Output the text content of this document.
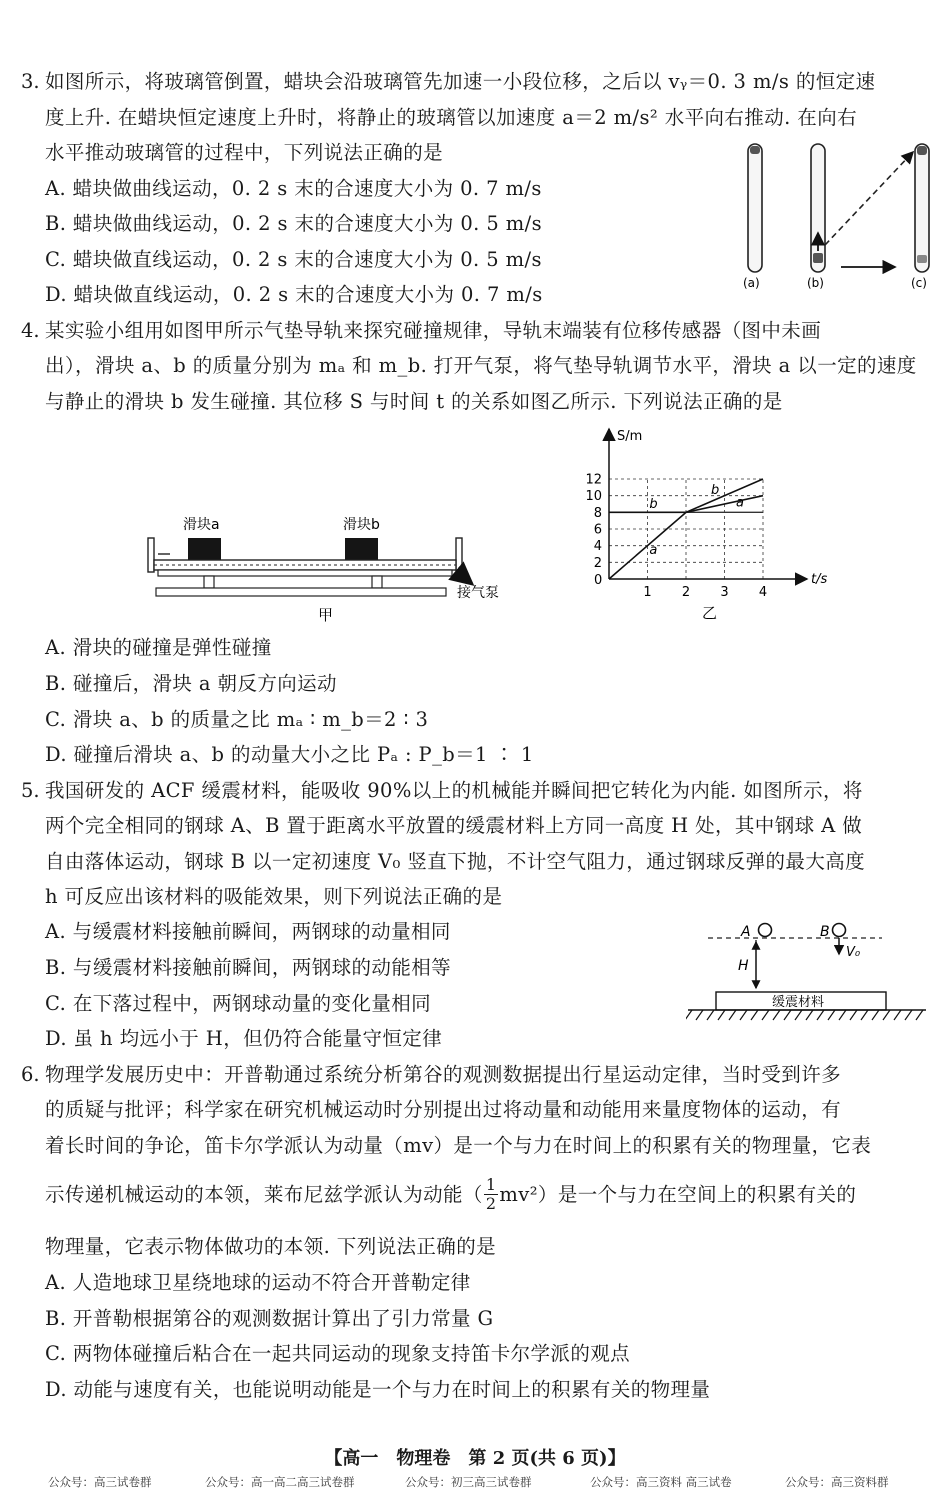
3. 如图所示，将玻璃管倒置，蜡块会沿玻璃管先加速一小段位移，之后以 vᵧ＝0. 3 m/s 的恒定速
度上升. 在蜡块恒定速度上升时，将静止的玻璃管以加速度 a＝2 m/s² 水平向右推动. 在向右
水平推动玻璃管的过程中，下列说法正确的是
A. 蜡块做曲线运动，0. 2 s 末的合速度大小为 0. 7 m/s
B. 蜡块做曲线运动，0. 2 s 末的合速度大小为 0. 5 m/s
C. 蜡块做直线运动，0. 2 s 末的合速度大小为 0. 5 m/s
D. 蜡块做直线运动，0. 2 s 末的合速度大小为 0. 7 m/s	(a)	(b)	(c)
4. 某实验小组用如图甲所示气垫导轨来探究碰撞规律，导轨末端装有位移传感器（图中未画
出），滑块 a、b 的质量分别为 mₐ 和 m_b. 打开气泵，将气垫导轨调节水平，滑块 a 以一定的速度
与静止的滑块 b 发生碰撞. 其位移 S 与时间 t 的关系如图乙所示. 下列说法正确的是
滑块a	滑块b
接气泵
甲
S/m
t/s
0
2
4
6
8
10
12
1 2 3 4
a
b	a
b
乙
A. 滑块的碰撞是弹性碰撞
B. 碰撞后，滑块 a 朝反方向运动
C. 滑块 a、b 的质量之比 mₐ ∶ m_b＝2 ∶ 3
D. 碰撞后滑块 a、b 的动量大小之比 Pₐ : P_b＝1 ∶ 1
5. 我国研发的 ACF 缓震材料，能吸收 90%以上的机械能并瞬间把它转化为内能. 如图所示，将
两个完全相同的钢球 A、B 置于距离水平放置的缓震材料上方同一高度 H 处，其中钢球 A 做
自由落体运动，钢球 B 以一定初速度 V₀ 竖直下抛，不计空气阻力，通过钢球反弹的最大高度
h 可反应出该材料的吸能效果，则下列说法正确的是
A. 与缓震材料接触前瞬间，两钢球的动量相同
B. 与缓震材料接触前瞬间，两钢球的动能相等
C. 在下落过程中，两钢球动量的变化量相同
D. 虽 h 均远小于 H，但仍符合能量守恒定律
A	B
V₀
H
缓震材料
6. 物理学发展历史中：开普勒通过系统分析第谷的观测数据提出行星运动定律，当时受到许多
的质疑与批评；科学家在研究机械运动时分别提出过将动量和动能用来量度物体的运动，有
着长时间的争论，笛卡尔学派认为动量（mv）是一个与力在时间上的积累有关的物理量，它表
示传递机械运动的本领，莱布尼兹学派认为动能（ $\frac{1}{2} mv^2$）是一个与力在空间上的积累有关的
物理量，它表示物体做功的本领. 下列说法正确的是
A. 人造地球卫星绕地球的运动不符合开普勒定律
B. 开普勒根据第谷的观测数据计算出了引力常量 G
C. 两物体碰撞后粘合在一起共同运动的现象支持笛卡尔学派的观点
D. 动能与速度有关，也能说明动能是一个与力在时间上的积累有关的物理量
【高一　物理卷　第 2 页(共 6 页)】
公众号：高三试卷群	公众号：高一高二高三试卷群	公众号：初三高三试卷群	公众号：高三资料 高三试卷	公众号：高三资料群
